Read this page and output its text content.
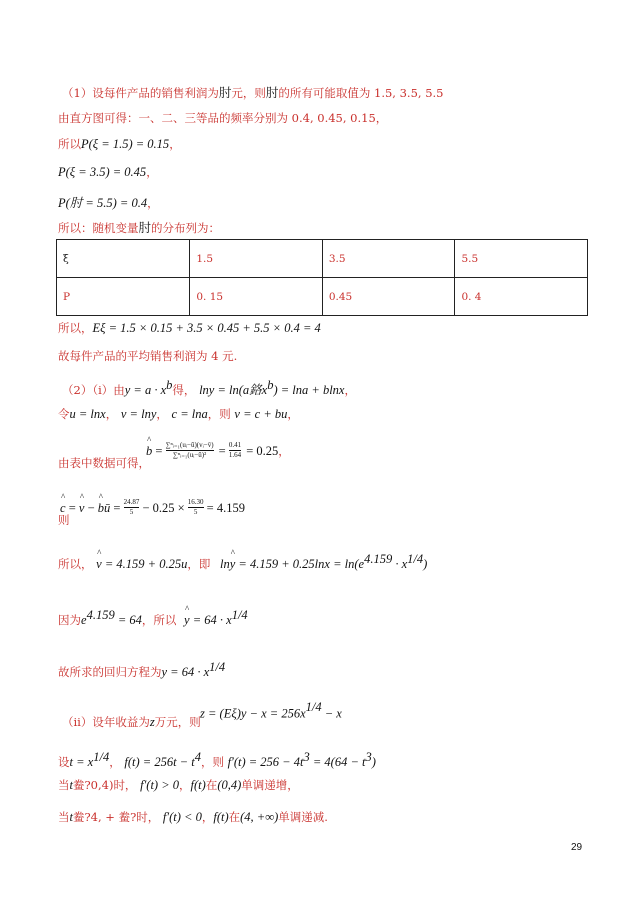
（1）设每件产品的销售利润为肘元，则肘的所有可能取值为 1.5, 3.5, 5.5
由直方图可得：一、二、三等品的频率分别为 0.4, 0.45, 0.15，
所以P(ξ = 1.5) = 0.15，
P(ξ = 3.5) = 0.45，
P(肘 = 5.5) = 0.4，
所以：随机变量肘的分布列为：
ξ	1.5	3.5	5.5
P	0. 15	0.45	0. 4
所以，Eξ = 1.5 × 0.15 + 3.5 × 0.45 + 5.5 × 0.4 = 4
故每件产品的平均销售利润为 4 元.
（2）（ⅰ）由$y = a \cdot x^b$得， lny = ln(a鉻$x^b) = \ln a + blnx$，
令u = lnx， v = lny， c = lna，则 v = c + bu，
由表中数据可得，
^ $b = \frac{\text{∑ⁿᵢ₌₁(uᵢ−ū)(vᵢ−v̄)}}{\text{∑ⁿᵢ₌₁(uᵢ−ū)²}} = \frac{0.41}{1.64} = 0.25$，
则
^ c = ^ v − ^ bū = $\frac{24.87}{5} - 0.25 \times \frac{16.30}{5} = 4.159$
所以， ^ v = 4.159 + 0.25u，即 ln^ $y = 4.159 + 0.25\ln x = \ln(e^{4.159} \cdot x^{1/4})$
因为$e^{4.159} = 64$，所以 ^ $y = 64 \cdot x^{1/4}$
故所求的回归方程为$y = 64 \cdot x^{1/4}$
$z = (E\xi)y - x = 256x^{1/4} - x$
（ⅱ）设年收益为z万元，则
设$t = x^{1/4}$， $f(t) = 256t - t^4$，则 $f'(t) = 256 - 4t^3 = 4(64 - t^3)$
当t鲞?0,4)时， f′(t) > 0，f(t)在(0,4)单调递增，
当t鲞?4, + 鲞?时， f′(t) < 0，f(t)在(4, +∞)单调递减.
29
